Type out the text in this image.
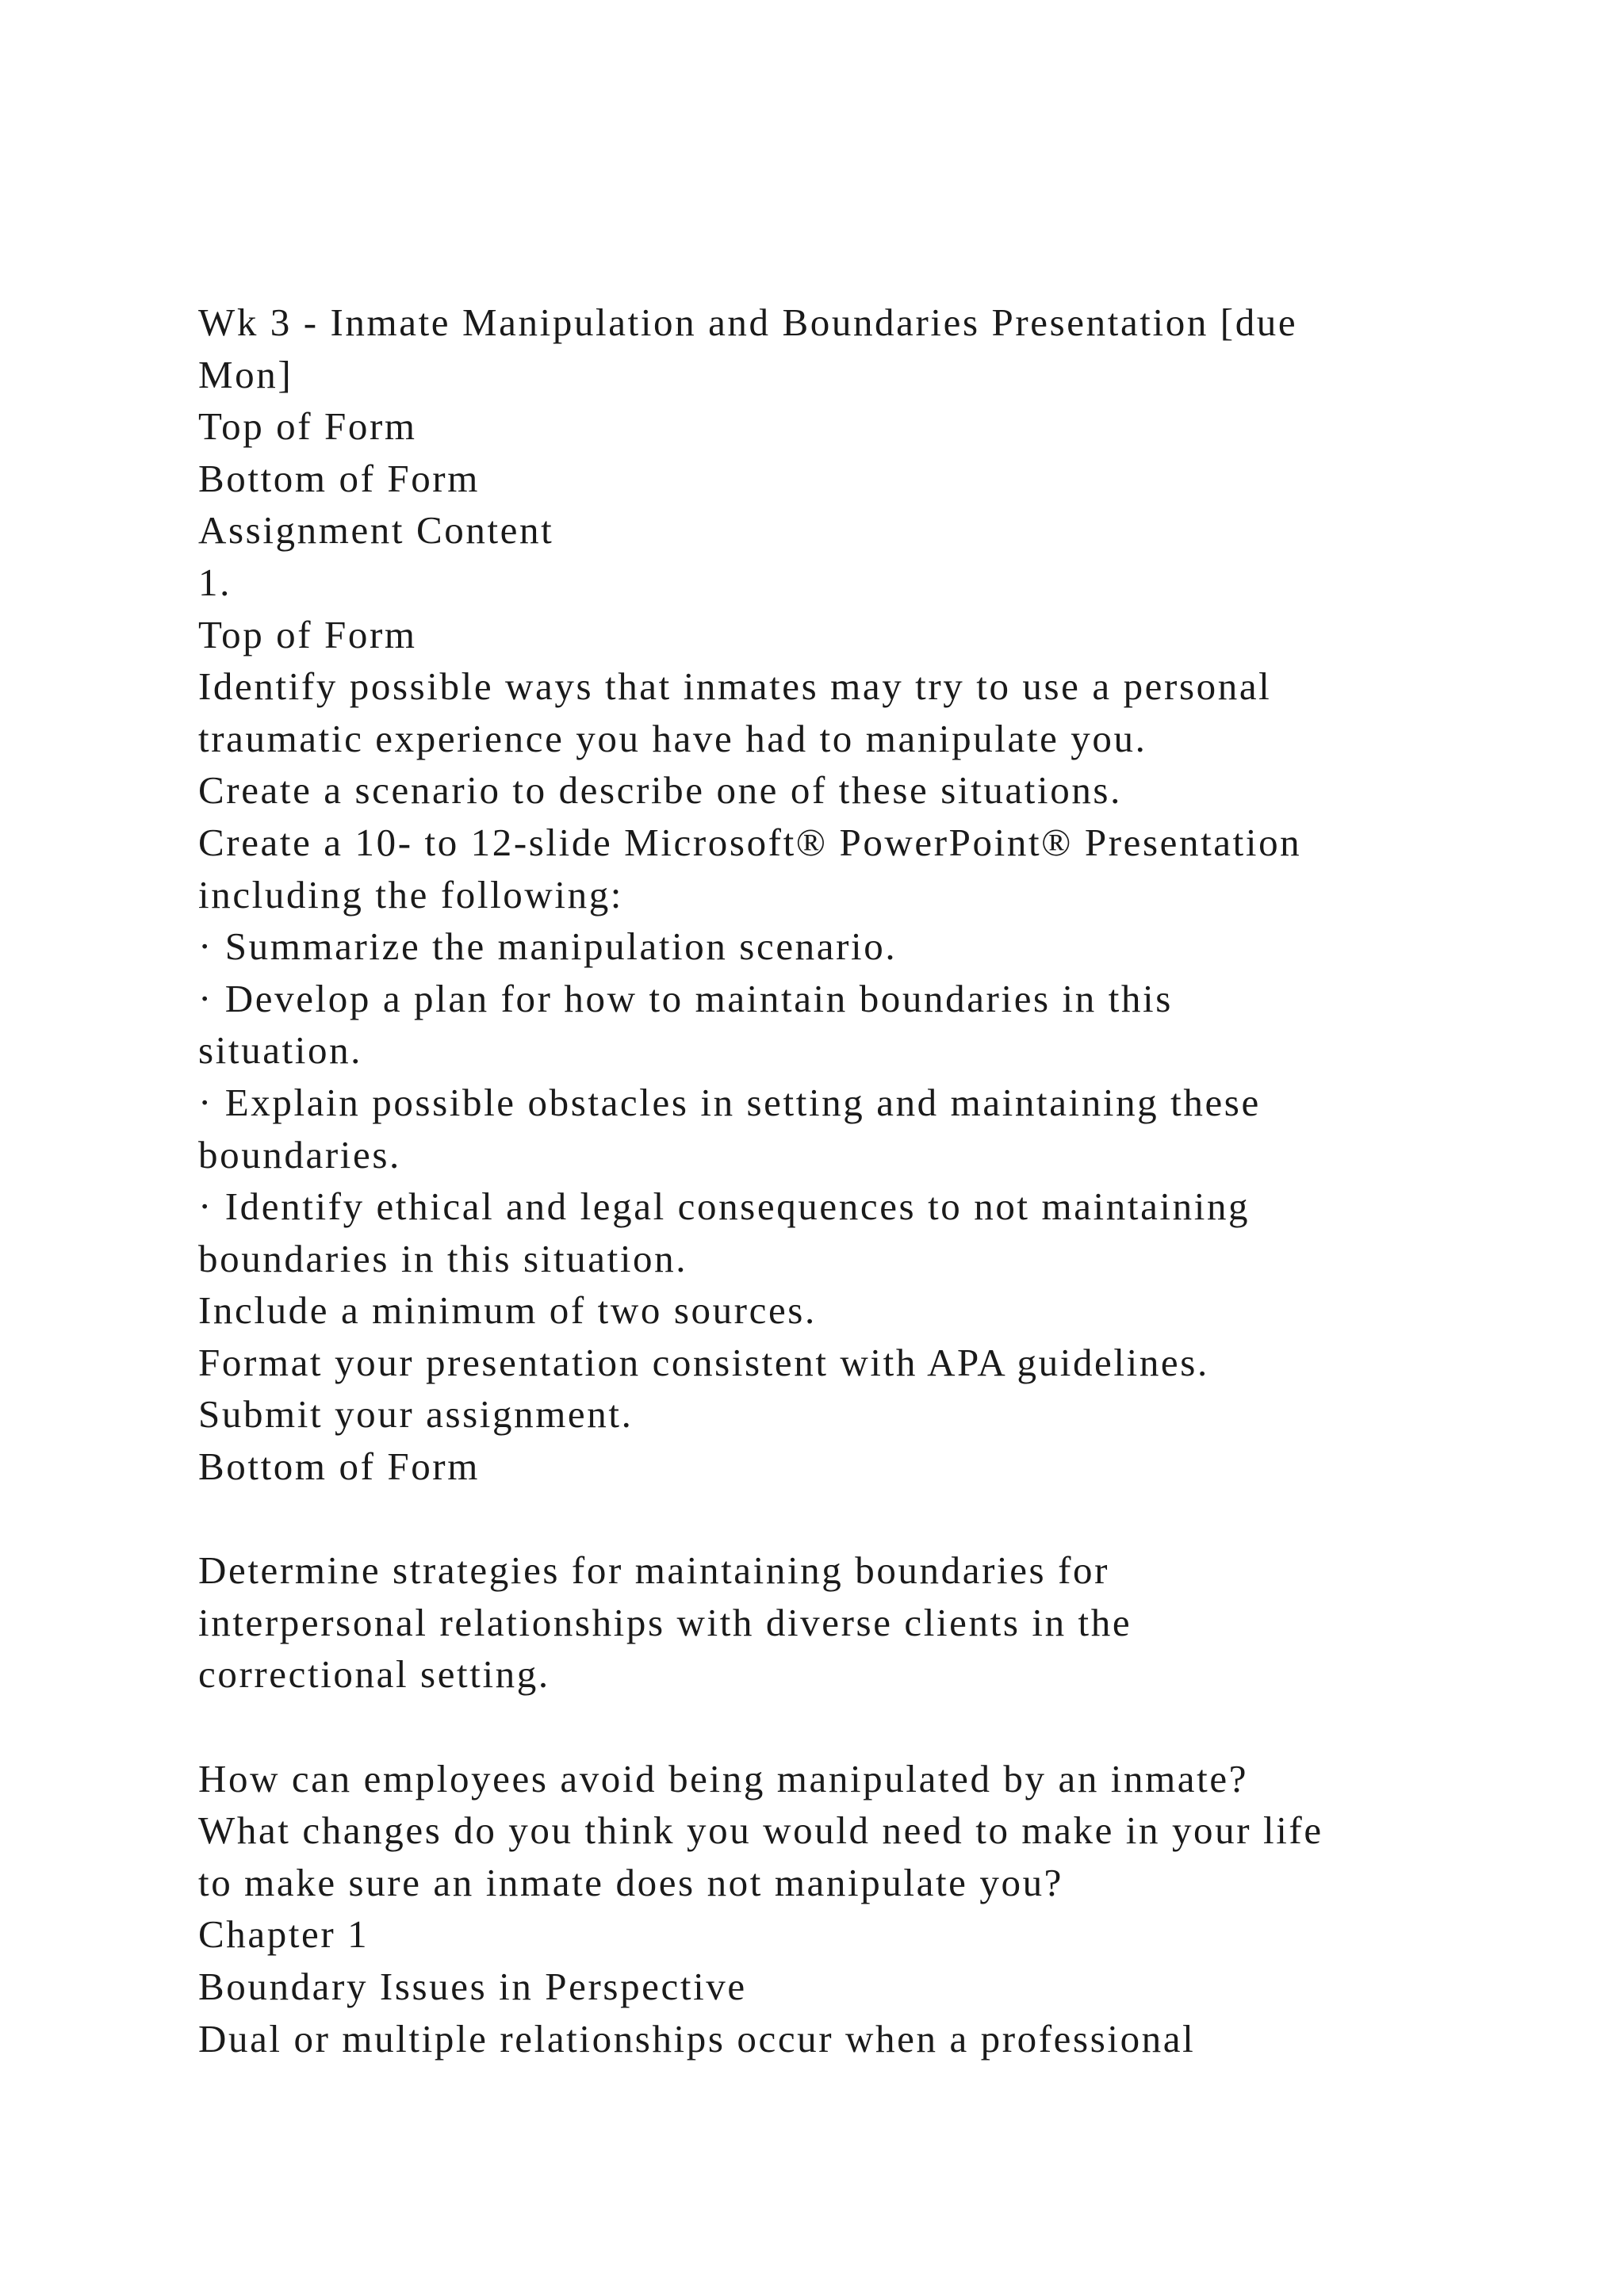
Wk 3 - Inmate Manipulation and Boundaries Presentation [due
Mon]
Top of Form
Bottom of Form
Assignment Content
1.
Top of Form
Identify possible ways that inmates may try to use a personal
traumatic experience you have had to manipulate you.
Create a scenario to describe one of these situations.
Create a 10- to 12-slide Microsoft® PowerPoint® Presentation
including the following:
· Summarize the manipulation scenario.
· Develop a plan for how to maintain boundaries in this
situation.
· Explain possible obstacles in setting and maintaining these
boundaries.
· Identify ethical and legal consequences to not maintaining
boundaries in this situation.
Include a minimum of two sources.
Format your presentation consistent with APA guidelines.
Submit your assignment.
Bottom of Form
Determine strategies for maintaining boundaries for
interpersonal relationships with diverse clients in the
correctional setting.
How can employees avoid being manipulated by an inmate?
What changes do you think you would need to make in your life
to make sure an inmate does not manipulate you?
Chapter 1
Boundary Issues in Perspective
Dual or multiple relationships occur when a professional
